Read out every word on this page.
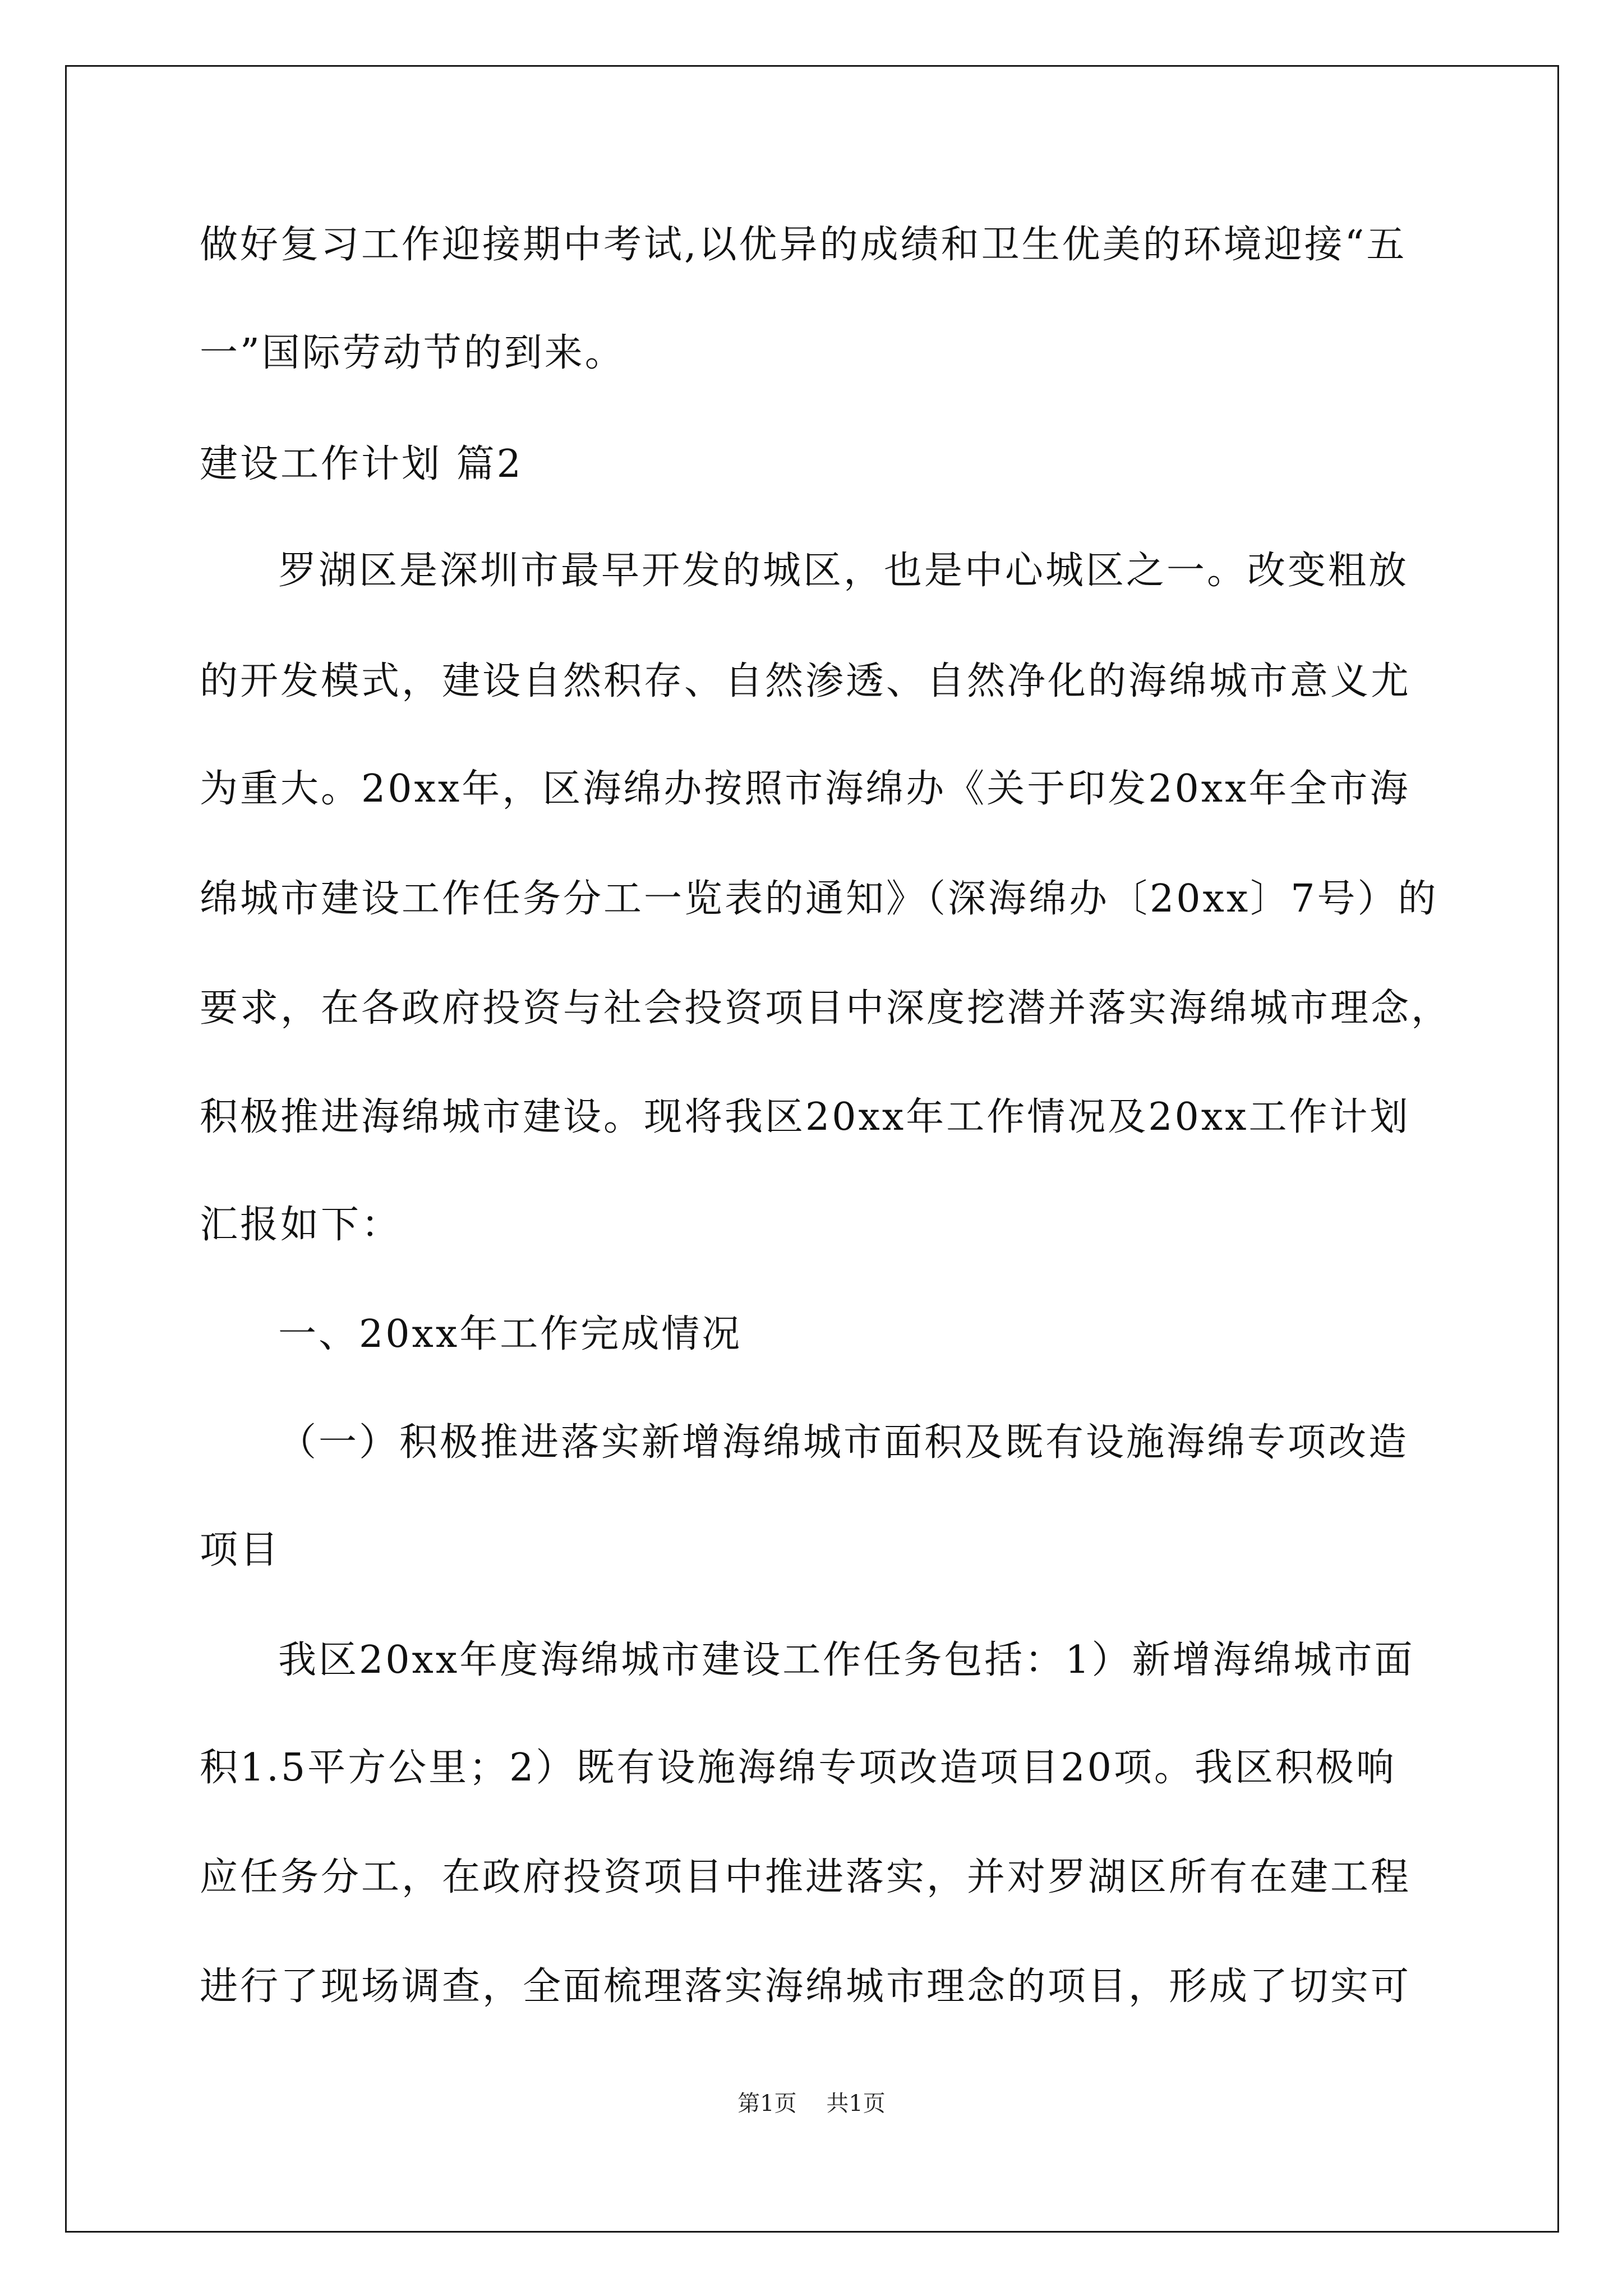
做好复习工作迎接期中考试,以优异的成绩和卫生优美的环境迎接“五
一”国际劳动节的到来。
建设工作计划 篇2
罗湖区是深圳市最早开发的城区，也是中心城区之一。改变粗放
的开发模式，建设自然积存、自然渗透、自然净化的海绵城市意义尤
为重大。20xx年，区海绵办按照市海绵办《关于印发20xx年全市海
绵城市建设工作任务分工一览表的通知》（深海绵办〔20xx〕7号）的
要求，在各政府投资与社会投资项目中深度挖潜并落实海绵城市理念，
积极推进海绵城市建设。现将我区20xx年工作情况及20xx工作计划
汇报如下：
一、20xx年工作完成情况
（一）积极推进落实新增海绵城市面积及既有设施海绵专项改造
项目
我区20xx年度海绵城市建设工作任务包括：1）新增海绵城市面
积1.5平方公里；2）既有设施海绵专项改造项目20项。我区积极响
应任务分工，在政府投资项目中推进落实，并对罗湖区所有在建工程
进行了现场调查，全面梳理落实海绵城市理念的项目，形成了切实可
第1页 共1页
